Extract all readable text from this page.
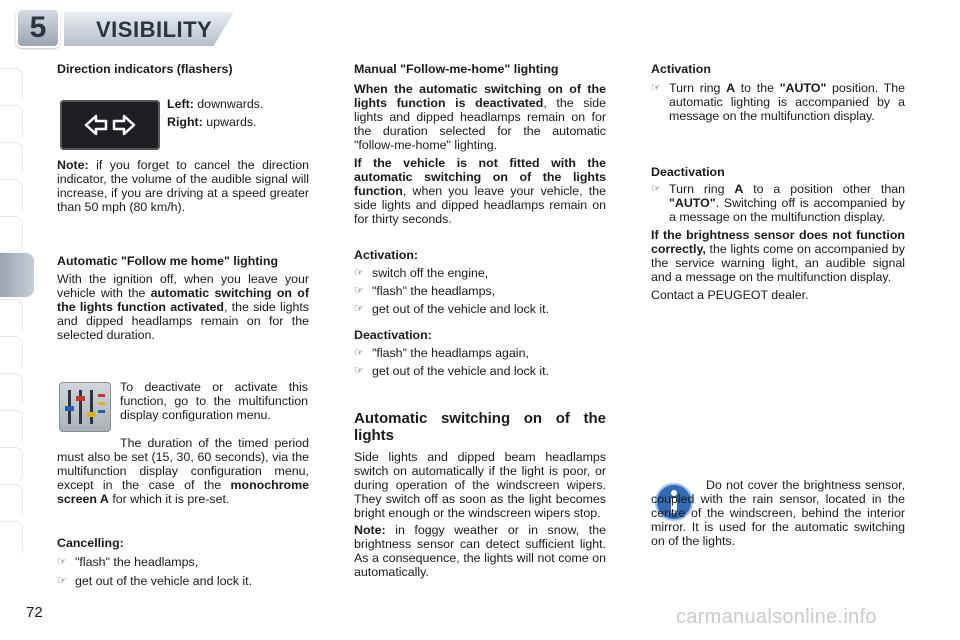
5 VISIBILITY

Direction indicators (flashers)

Left: downwards.

Right: upwards.

Note: if you forget to cancel the direction indicator, the volume of the audible signal will increase, if you are driving at a speed greater than 50 mph (80 km/h).

Automatic "Follow me home" lighting

With the ignition off, when you leave your vehicle with the automatic switching on of the lights function activated, the side lights and dipped headlamps remain on for the selected duration.

To deactivate or activate this function, go to the multifunction display configuration menu.

The duration of the timed period must also be set (15, 30, 60 seconds), via the multifunction display configuration menu, except in the case of the monochrome screen A for which it is pre-set.

Cancelling:

☞ "flash" the headlamps,
☞ get out of the vehicle and lock it.

Manual "Follow-me-home" lighting

When the automatic switching on of the lights function is deactivated, the side lights and dipped headlamps remain on for the duration selected for the automatic "follow-me-home" lighting.

If the vehicle is not fitted with the automatic switching on of the lights function, when you leave your vehicle, the side lights and dipped headlamps remain on for thirty seconds.

Activation:

☞ switch off the engine,
☞ "flash" the headlamps,
☞ get out of the vehicle and lock it.

Deactivation:

☞ "flash" the headlamps again,
☞ get out of the vehicle and lock it.

Automatic switching on of the lights

Side lights and dipped beam headlamps switch on automatically if the light is poor, or during operation of the windscreen wipers. They switch off as soon as the light becomes bright enough or the windscreen wipers stop.

Note: in foggy weather or in snow, the brightness sensor can detect sufficient light. As a consequence, the lights will not come on automatically.

Activation

☞ Turn ring A to the "AUTO" position. The automatic lighting is accompanied by a message on the multifunction display.

Deactivation

☞ Turn ring A to a position other than "AUTO". Switching off is accompanied by a message on the multifunction display.

If the brightness sensor does not function correctly, the lights come on accompanied by the service warning light, an audible signal and a message on the multifunction display.

Contact a PEUGEOT dealer.

Do not cover the brightness sensor, coupled with the rain sensor, located in the centre of the windscreen, behind the interior mirror. It is used for the automatic switching on of the lights.

72	carmanualsonline.info
